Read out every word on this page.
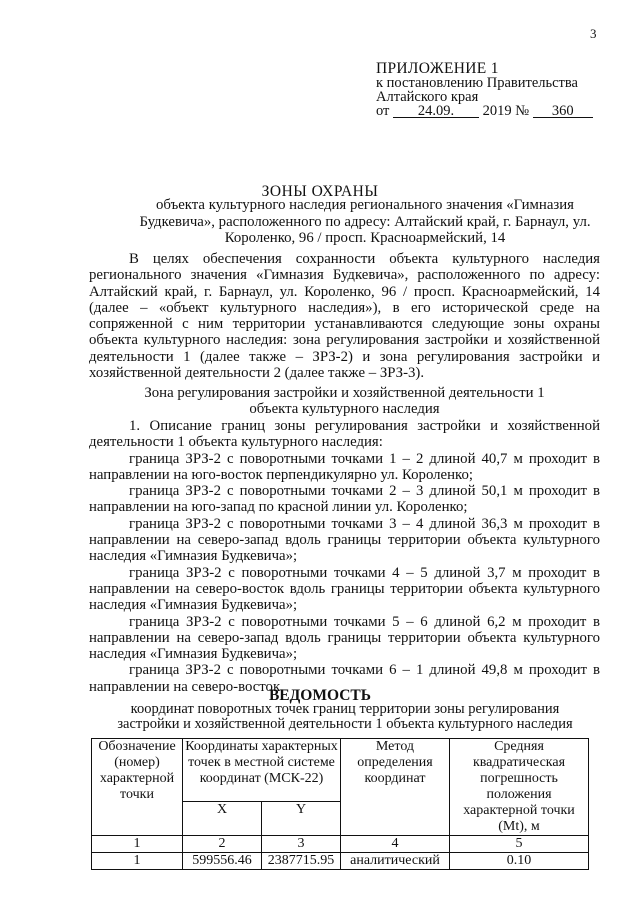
3
ПРИЛОЖЕНИЕ 1
к постановлению Правительства
Алтайского края
от 24.09. 2019 № 360
ЗОНЫ ОХРАНЫ
объекта культурного наследия регионального значения «Гимназия Будкевича», расположенного по адресу: Алтайский край, г. Барнаул, ул. Короленко, 96 / просп. Красноармейский, 14

В целях обеспечения сохранности объекта культурного наследия регионального значения «Гимназия Будкевича», расположенного по адресу: Алтайский край, г. Барнаул, ул. Короленко, 96 / просп. Красноармейский, 14 (далее – «объект культурного наследия»), в его исторической среде на сопряженной с ним территории устанавливаются следующие зоны охраны объекта культурного наследия: зона регулирования застройки и хозяйственной деятельности 1 (далее также – ЗРЗ-2) и зона регулирования застройки и хозяйственной деятельности 2 (далее также – ЗРЗ-3).

Зона регулирования застройки и хозяйственной деятельности 1
объекта культурного наследия

1. Описание границ зоны регулирования застройки и хозяйственной деятельности 1 объекта культурного наследия:

граница ЗРЗ-2 с поворотными точками 1 – 2 длиной 40,7 м проходит в направлении на юго-восток перпендикулярно ул. Короленко;

граница ЗРЗ-2 с поворотными точками 2 – 3 длиной 50,1 м проходит в направлении на юго-запад по красной линии ул. Короленко;

граница ЗРЗ-2 с поворотными точками 3 – 4 длиной 36,3 м проходит в направлении на северо-запад вдоль границы территории объекта культурного наследия «Гимназия Будкевича»;

граница ЗРЗ-2 с поворотными точками 4 – 5 длиной 3,7 м проходит в направлении на северо-восток вдоль границы территории объекта культурного наследия «Гимназия Будкевича»;

граница ЗРЗ-2 с поворотными точками 5 – 6 длиной 6,2 м проходит в направлении на северо-запад вдоль границы территории объекта культурного наследия «Гимназия Будкевича»;

граница ЗРЗ-2 с поворотными точками 6 – 1 длиной 49,8 м проходит в направлении на северо-восток.

ВЕДОМОСТЬ
координат поворотных точек границ территории зоны регулирования застройки и хозяйственной деятельности 1 объекта культурного наследия
Обозначение (номер) характерной точки	Координаты характерных точек в местной системе координат (МСК-22)		Метод определения координат	Средняя квадратическая погрешность положения характерной точки (Mt), м
	X	Y		
1	2	3	4	5
1	599556.46	2387715.95	аналитический	0.10
